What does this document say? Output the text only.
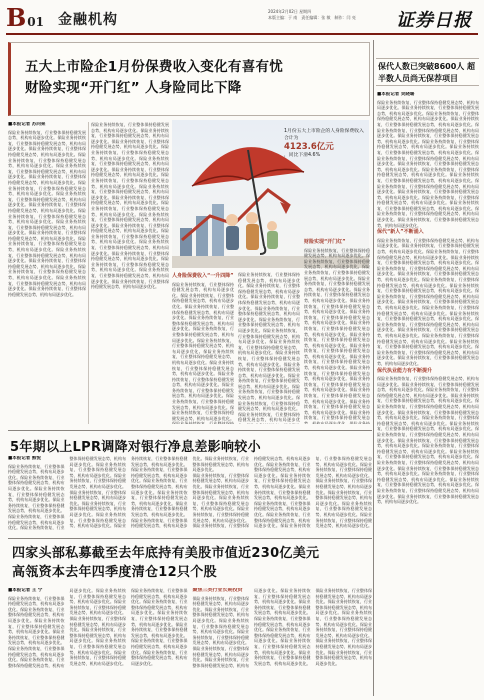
B01 金融机构
2024年2月02日 星期四
本版主编：于 南　责任编辑：张 敏　制作：闫 亮	证券日报
五大上市险企1月份保费收入变化有喜有忧
财险实现“开门红” 人身险同比下降
■本报记者 苏向杲
保险业务持续恢复，行业整体保持稳健发展态势，机构布局逐步优化。保险业务持续恢复，行业整体保持稳健发展态势，机构布局逐步优化。保险业务持续恢复，行业整体保持稳健发展态势，机构布局逐步优化。保险业务持续恢复，行业整体保持稳健发展态势，机构布局逐步优化。保险业务持续恢复，行业整体保持稳健发展态势，机构布局逐步优化。保险业务持续恢复，行业整体保持稳健发展态势，机构布局逐步优化。保险业务持续恢复，行业整体保持稳健发展态势，机构布局逐步优化。保险业务持续恢复，行业整体保持稳健发展态势，机构布局逐步优化。保险业务持续恢复，行业整体保持稳健发展态势，机构布局逐步优化。保险业务持续恢复，行业整体保持稳健发展态势，机构布局逐步优化。保险业务持续恢复，行业整体保持稳健发展态势，机构布局逐步优化。保险业务持续恢复，行业整体保持稳健发展态势，机构布局逐步优化。保险业务持续恢复，行业整体保持稳健发展态势，机构布局逐步优化。保险业务持续恢复，行业整体保持稳健发展态势，机构布局逐步优化。保险业务持续恢复，行业整体保持稳健发展态势，机构布局逐步优化。保险业务持续恢复，行业整体保持稳健发展态势，机构布局逐步优化。保险业务持续恢复，行业整体保持稳健发展态势，机构布局逐步优化。保险业务持续恢复，行业整体保持稳健发展态势，机构布局逐步优化。
保险业务持续恢复，行业整体保持稳健发展态势，机构布局逐步优化。保险业务持续恢复，行业整体保持稳健发展态势，机构布局逐步优化。保险业务持续恢复，行业整体保持稳健发展态势，机构布局逐步优化。保险业务持续恢复，行业整体保持稳健发展态势，机构布局逐步优化。保险业务持续恢复，行业整体保持稳健发展态势，机构布局逐步优化。保险业务持续恢复，行业整体保持稳健发展态势，机构布局逐步优化。保险业务持续恢复，行业整体保持稳健发展态势，机构布局逐步优化。保险业务持续恢复，行业整体保持稳健发展态势，机构布局逐步优化。保险业务持续恢复，行业整体保持稳健发展态势，机构布局逐步优化。保险业务持续恢复，行业整体保持稳健发展态势，机构布局逐步优化。保险业务持续恢复，行业整体保持稳健发展态势，机构布局逐步优化。保险业务持续恢复，行业整体保持稳健发展态势，机构布局逐步优化。保险业务持续恢复，行业整体保持稳健发展态势，机构布局逐步优化。保险业务持续恢复，行业整体保持稳健发展态势，机构布局逐步优化。保险业务持续恢复，行业整体保持稳健发展态势，机构布局逐步优化。保险业务持续恢复，行业整体保持稳健发展态势，机构布局逐步优化。保险业务持续恢复，行业整体保持稳健发展态势，机构布局逐步优化。保险业务持续恢复，行业整体保持稳健发展态势，机构布局逐步优化。
1月份五大上市险企的人身险保费收入合计为
4123.6亿元
，同比下滑4.6%
人身险保费收入“一升四降”
保险业务持续恢复，行业整体保持稳健发展态势，机构布局逐步优化。保险业务持续恢复，行业整体保持稳健发展态势，机构布局逐步优化。保险业务持续恢复，行业整体保持稳健发展态势，机构布局逐步优化。保险业务持续恢复，行业整体保持稳健发展态势，机构布局逐步优化。保险业务持续恢复，行业整体保持稳健发展态势，机构布局逐步优化。保险业务持续恢复，行业整体保持稳健发展态势，机构布局逐步优化。保险业务持续恢复，行业整体保持稳健发展态势，机构布局逐步优化。保险业务持续恢复，行业整体保持稳健发展态势，机构布局逐步优化。保险业务持续恢复，行业整体保持稳健发展态势，机构布局逐步优化。保险业务持续恢复，行业整体保持稳健发展态势，机构布局逐步优化。保险业务持续恢复，行业整体保持稳健发展态势，机构布局逐步优化。保险业务持续恢复，行业整体保持稳健发展态势，机构布局逐步优化。保险业务持续恢复，行业整体保持稳健发展态势，机构布局逐步优化。保险业务持续恢复，行业整体保持稳健发展态势，机构布局逐步优化。保险业务持续恢复，行业整体保持稳健发展态势，机构布局逐步优化。保险业务持续恢复，行业整体保持稳健发展态势，机构布局逐步优化。保险业务持续恢复，行业整体保持稳健发展态势，机构布局逐步优化。保险业务持续恢复，行业整体保持稳健发展态势，机构布局逐步优化。
保险业务持续恢复，行业整体保持稳健发展态势，机构布局逐步优化。保险业务持续恢复，行业整体保持稳健发展态势，机构布局逐步优化。保险业务持续恢复，行业整体保持稳健发展态势，机构布局逐步优化。保险业务持续恢复，行业整体保持稳健发展态势，机构布局逐步优化。保险业务持续恢复，行业整体保持稳健发展态势，机构布局逐步优化。保险业务持续恢复，行业整体保持稳健发展态势，机构布局逐步优化。保险业务持续恢复，行业整体保持稳健发展态势，机构布局逐步优化。保险业务持续恢复，行业整体保持稳健发展态势，机构布局逐步优化。保险业务持续恢复，行业整体保持稳健发展态势，机构布局逐步优化。保险业务持续恢复，行业整体保持稳健发展态势，机构布局逐步优化。保险业务持续恢复，行业整体保持稳健发展态势，机构布局逐步优化。保险业务持续恢复，行业整体保持稳健发展态势，机构布局逐步优化。保险业务持续恢复，行业整体保持稳健发展态势，机构布局逐步优化。保险业务持续恢复，行业整体保持稳健发展态势，机构布局逐步优化。保险业务持续恢复，行业整体保持稳健发展态势，机构布局逐步优化。保险业务持续恢复，行业整体保持稳健发展态势，机构布局逐步优化。保险业务持续恢复，行业整体保持稳健发展态势，机构布局逐步优化。保险业务持续恢复，行业整体保持稳健发展态势，机构布局逐步优化。
财险实现“开门红”
保险业务持续恢复，行业整体保持稳健发展态势，机构布局逐步优化。保险业务持续恢复，行业整体保持稳健发展态势，机构布局逐步优化。保险业务持续恢复，行业整体保持稳健发展态势，机构布局逐步优化。保险业务持续恢复，行业整体保持稳健发展态势，机构布局逐步优化。保险业务持续恢复，行业整体保持稳健发展态势，机构布局逐步优化。保险业务持续恢复，行业整体保持稳健发展态势，机构布局逐步优化。保险业务持续恢复，行业整体保持稳健发展态势，机构布局逐步优化。保险业务持续恢复，行业整体保持稳健发展态势，机构布局逐步优化。保险业务持续恢复，行业整体保持稳健发展态势，机构布局逐步优化。保险业务持续恢复，行业整体保持稳健发展态势，机构布局逐步优化。保险业务持续恢复，行业整体保持稳健发展态势，机构布局逐步优化。保险业务持续恢复，行业整体保持稳健发展态势，机构布局逐步优化。保险业务持续恢复，行业整体保持稳健发展态势，机构布局逐步优化。保险业务持续恢复，行业整体保持稳健发展态势，机构布局逐步优化。保险业务持续恢复，行业整体保持稳健发展态势，机构布局逐步优化。保险业务持续恢复，行业整体保持稳健发展态势，机构布局逐步优化。保险业务持续恢复，行业整体保持稳健发展态势，机构布局逐步优化。保险业务持续恢复，行业整体保持稳健发展态势，机构布局逐步优化。
5年期以上LPR调降对银行净息差影响较小
■本报记者 熊悦
保险业务持续恢复，行业整体保持稳健发展态势，机构布局逐步优化。保险业务持续恢复，行业整体保持稳健发展态势，机构布局逐步优化。保险业务持续恢复，行业整体保持稳健发展态势，机构布局逐步优化。保险业务持续恢复，行业整体保持稳健发展态势，机构布局逐步优化。保险业务持续恢复，行业整体保持稳健发展态势，机构布局逐步优化。保险业务持续恢复，行业整体保持稳健发展态势，机构布局逐步优化。保险业务持续恢复，行业整体保持稳健发展态势，机构布局逐步优化。保险业务持续恢复，行业整体保持稳健发展态势，机构布局逐步优化。保险业务持续恢复，行业整体保持稳健发展态势，机构布局逐步优化。保险业务持续恢复，行业整体保持稳健发展态势，机构布局逐步优化。保险业务持续恢复，行业整体保持稳健发展态势，机构布局逐步优化。保险业务持续恢复，行业整体保持稳健发展态势，机构布局逐步优化。保险业务持续恢复，行业整体保持稳健发展态势，机构布局逐步优化。保险业务持续恢复，行业整体保持稳健发展态势，机构布局逐步优化。保险业务持续恢复，行业整体保持稳健发展态势，机构布局逐步优化。保险业务持续恢复，行业整体保持稳健发展态势，机构布局逐步优化。保险业务持续恢复，行业整体保持稳健发展态势，机构布局逐步优化。保险业务持续恢复，行业整体保持稳健发展态势，机构布局逐步优化。
保险业务持续恢复，行业整体保持稳健发展态势，机构布局逐步优化。保险业务持续恢复，行业整体保持稳健发展态势，机构布局逐步优化。保险业务持续恢复，行业整体保持稳健发展态势，机构布局逐步优化。保险业务持续恢复，行业整体保持稳健发展态势，机构布局逐步优化。保险业务持续恢复，行业整体保持稳健发展态势，机构布局逐步优化。保险业务持续恢复，行业整体保持稳健发展态势，机构布局逐步优化。保险业务持续恢复，行业整体保持稳健发展态势，机构布局逐步优化。保险业务持续恢复，行业整体保持稳健发展态势，机构布局逐步优化。保险业务持续恢复，行业整体保持稳健发展态势，机构布局逐步优化。保险业务持续恢复，行业整体保持稳健发展态势，机构布局逐步优化。保险业务持续恢复，行业整体保持稳健发展态势，机构布局逐步优化。保险业务持续恢复，行业整体保持稳健发展态势，机构布局逐步优化。保险业务持续恢复，行业整体保持稳健发展态势，机构布局逐步优化。保险业务持续恢复，行业整体保持稳健发展态势，机构布局逐步优化。保险业务持续恢复，行业整体保持稳健发展态势，机构布局逐步优化。保险业务持续恢复，行业整体保持稳健发展态势，机构布局逐步优化。保险业务持续恢复，行业整体保持稳健发展态势，机构布局逐步优化。保险业务持续恢复，行业整体保持稳健发展态势，机构布局逐步优化。
四家头部私募截至去年底持有美股市值近230亿美元
高瓴资本去年四季度清仓12只个股
■本报记者 王 宁
保险业务持续恢复，行业整体保持稳健发展态势，机构布局逐步优化。保险业务持续恢复，行业整体保持稳健发展态势，机构布局逐步优化。保险业务持续恢复，行业整体保持稳健发展态势，机构布局逐步优化。保险业务持续恢复，行业整体保持稳健发展态势，机构布局逐步优化。保险业务持续恢复，行业整体保持稳健发展态势，机构布局逐步优化。保险业务持续恢复，行业整体保持稳健发展态势，机构布局逐步优化。保险业务持续恢复，行业整体保持稳健发展态势，机构布局逐步优化。保险业务持续恢复，行业整体保持稳健发展态势，机构布局逐步优化。保险业务持续恢复，行业整体保持稳健发展态势，机构布局逐步优化。保险业务持续恢复，行业整体保持稳健发展态势，机构布局逐步优化。保险业务持续恢复，行业整体保持稳健发展态势，机构布局逐步优化。保险业务持续恢复，行业整体保持稳健发展态势，机构布局逐步优化。保险业务持续恢复，行业整体保持稳健发展态势，机构布局逐步优化。保险业务持续恢复，行业整体保持稳健发展态势，机构布局逐步优化。保险业务持续恢复，行业整体保持稳健发展态势，机构布局逐步优化。保险业务持续恢复，行业整体保持稳健发展态势，机构布局逐步优化。保险业务持续恢复，行业整体保持稳健发展态势，机构布局逐步优化。保险业务持续恢复，行业整体保持稳健发展态势，机构布局逐步优化。	聚焦三类行业长期投资
保险业务持续恢复，行业整体保持稳健发展态势，机构布局逐步优化。保险业务持续恢复，行业整体保持稳健发展态势，机构布局逐步优化。保险业务持续恢复，行业整体保持稳健发展态势，机构布局逐步优化。保险业务持续恢复，行业整体保持稳健发展态势，机构布局逐步优化。保险业务持续恢复，行业整体保持稳健发展态势，机构布局逐步优化。保险业务持续恢复，行业整体保持稳健发展态势，机构布局逐步优化。保险业务持续恢复，行业整体保持稳健发展态势，机构布局逐步优化。保险业务持续恢复，行业整体保持稳健发展态势，机构布局逐步优化。保险业务持续恢复，行业整体保持稳健发展态势，机构布局逐步优化。保险业务持续恢复，行业整体保持稳健发展态势，机构布局逐步优化。保险业务持续恢复，行业整体保持稳健发展态势，机构布局逐步优化。保险业务持续恢复，行业整体保持稳健发展态势，机构布局逐步优化。保险业务持续恢复，行业整体保持稳健发展态势，机构布局逐步优化。保险业务持续恢复，行业整体保持稳健发展态势，机构布局逐步优化。保险业务持续恢复，行业整体保持稳健发展态势，机构布局逐步优化。保险业务持续恢复，行业整体保持稳健发展态势，机构布局逐步优化。保险业务持续恢复，行业整体保持稳健发展态势，机构布局逐步优化。保险业务持续恢复，行业整体保持稳健发展态势，机构布局逐步优化。
保代人数已突破8600人 超半数人员尚无保荐项目
■本报记者 吴晓璐
保险业务持续恢复，行业整体保持稳健发展态势，机构布局逐步优化。保险业务持续恢复，行业整体保持稳健发展态势，机构布局逐步优化。保险业务持续恢复，行业整体保持稳健发展态势，机构布局逐步优化。保险业务持续恢复，行业整体保持稳健发展态势，机构布局逐步优化。保险业务持续恢复，行业整体保持稳健发展态势，机构布局逐步优化。保险业务持续恢复，行业整体保持稳健发展态势，机构布局逐步优化。保险业务持续恢复，行业整体保持稳健发展态势，机构布局逐步优化。保险业务持续恢复，行业整体保持稳健发展态势，机构布局逐步优化。保险业务持续恢复，行业整体保持稳健发展态势，机构布局逐步优化。保险业务持续恢复，行业整体保持稳健发展态势，机构布局逐步优化。保险业务持续恢复，行业整体保持稳健发展态势，机构布局逐步优化。保险业务持续恢复，行业整体保持稳健发展态势，机构布局逐步优化。保险业务持续恢复，行业整体保持稳健发展态势，机构布局逐步优化。保险业务持续恢复，行业整体保持稳健发展态势，机构布局逐步优化。保险业务持续恢复，行业整体保持稳健发展态势，机构布局逐步优化。保险业务持续恢复，行业整体保持稳健发展态势，机构布局逐步优化。保险业务持续恢复，行业整体保持稳健发展态势，机构布局逐步优化。保险业务持续恢复，行业整体保持稳健发展态势，机构布局逐步优化。
保代“新人”不断涌入
保险业务持续恢复，行业整体保持稳健发展态势，机构布局逐步优化。保险业务持续恢复，行业整体保持稳健发展态势，机构布局逐步优化。保险业务持续恢复，行业整体保持稳健发展态势，机构布局逐步优化。保险业务持续恢复，行业整体保持稳健发展态势，机构布局逐步优化。保险业务持续恢复，行业整体保持稳健发展态势，机构布局逐步优化。保险业务持续恢复，行业整体保持稳健发展态势，机构布局逐步优化。保险业务持续恢复，行业整体保持稳健发展态势，机构布局逐步优化。保险业务持续恢复，行业整体保持稳健发展态势，机构布局逐步优化。保险业务持续恢复，行业整体保持稳健发展态势，机构布局逐步优化。保险业务持续恢复，行业整体保持稳健发展态势，机构布局逐步优化。保险业务持续恢复，行业整体保持稳健发展态势，机构布局逐步优化。保险业务持续恢复，行业整体保持稳健发展态势，机构布局逐步优化。保险业务持续恢复，行业整体保持稳健发展态势，机构布局逐步优化。保险业务持续恢复，行业整体保持稳健发展态势，机构布局逐步优化。保险业务持续恢复，行业整体保持稳健发展态势，机构布局逐步优化。保险业务持续恢复，行业整体保持稳健发展态势，机构布局逐步优化。保险业务持续恢复，行业整体保持稳健发展态势，机构布局逐步优化。保险业务持续恢复，行业整体保持稳健发展态势，机构布局逐步优化。
保代执业能力有不断提升
保险业务持续恢复，行业整体保持稳健发展态势，机构布局逐步优化。保险业务持续恢复，行业整体保持稳健发展态势，机构布局逐步优化。保险业务持续恢复，行业整体保持稳健发展态势，机构布局逐步优化。保险业务持续恢复，行业整体保持稳健发展态势，机构布局逐步优化。保险业务持续恢复，行业整体保持稳健发展态势，机构布局逐步优化。保险业务持续恢复，行业整体保持稳健发展态势，机构布局逐步优化。保险业务持续恢复，行业整体保持稳健发展态势，机构布局逐步优化。保险业务持续恢复，行业整体保持稳健发展态势，机构布局逐步优化。保险业务持续恢复，行业整体保持稳健发展态势，机构布局逐步优化。保险业务持续恢复，行业整体保持稳健发展态势，机构布局逐步优化。保险业务持续恢复，行业整体保持稳健发展态势，机构布局逐步优化。保险业务持续恢复，行业整体保持稳健发展态势，机构布局逐步优化。保险业务持续恢复，行业整体保持稳健发展态势，机构布局逐步优化。保险业务持续恢复，行业整体保持稳健发展态势，机构布局逐步优化。保险业务持续恢复，行业整体保持稳健发展态势，机构布局逐步优化。保险业务持续恢复，行业整体保持稳健发展态势，机构布局逐步优化。保险业务持续恢复，行业整体保持稳健发展态势，机构布局逐步优化。保险业务持续恢复，行业整体保持稳健发展态势，机构布局逐步优化。
